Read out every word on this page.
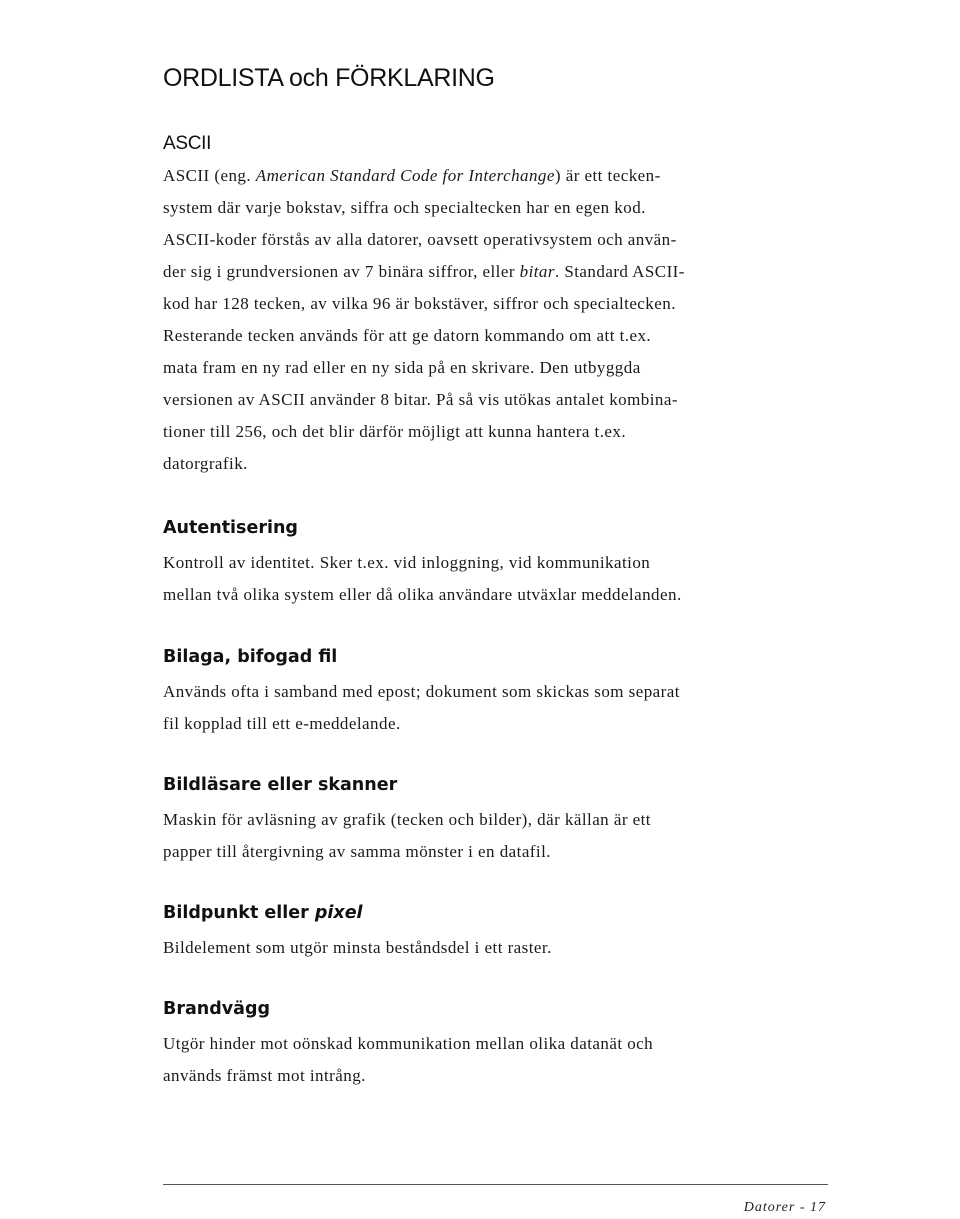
ORDLISTA och FÖRKLARING
ASCII

ASCII (eng. American Standard Code for Interchange) är ett tecken-
system där varje bokstav, siffra och specialtecken har en egen kod.
ASCII-koder förstås av alla datorer, oavsett operativsystem och använ-
der sig i grundversionen av 7 binära siffror, eller bitar. Standard ASCII-
kod har 128 tecken, av vilka 96 är bokstäver, siffror och specialtecken.
Resterande tecken används för att ge datorn kommando om att t.ex.
mata fram en ny rad eller en ny sida på en skrivare. Den utbyggda
versionen av ASCII använder 8 bitar. På så vis utökas antalet kombina-
tioner till 256, och det blir därför möjligt att kunna hantera t.ex.
datorgrafik.

Autentisering

Kontroll av identitet. Sker t.ex. vid inloggning, vid kommunikation
mellan två olika system eller då olika användare utväxlar meddelanden.

Bilaga, bifogad fil

Används ofta i samband med epost; dokument som skickas som separat
fil kopplad till ett e-meddelande.

Bildläsare eller skanner

Maskin för avläsning av grafik (tecken och bilder), där källan är ett
papper till återgivning av samma mönster i en datafil.

Bildpunkt eller pixel

Bildelement som utgör minsta beståndsdel i ett raster.

Brandvägg

Utgör hinder mot oönskad kommunikation mellan olika datanät och
används främst mot intrång.

Datorer - 17
